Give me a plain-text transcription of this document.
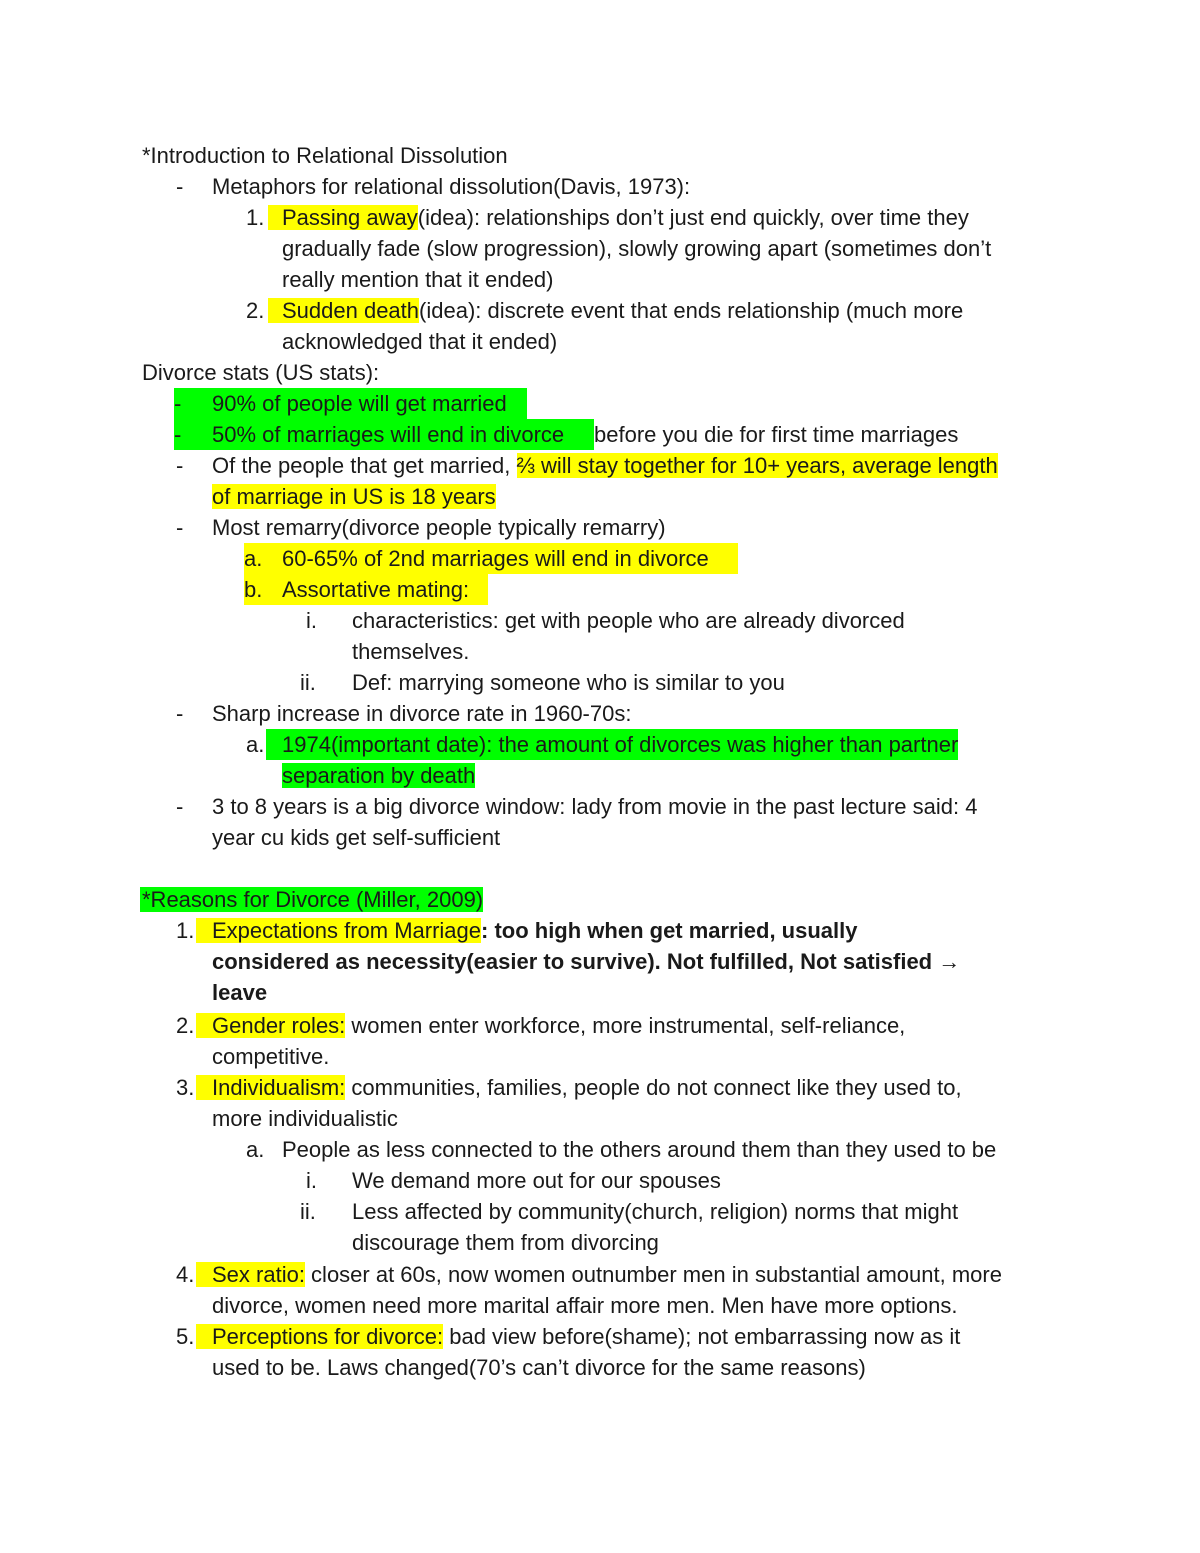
*Introduction to Relational Dissolution
- Metaphors for relational dissolution(Davis, 1973):
1. Passing away(idea): relationships don’t just end quickly, over time they
gradually fade (slow progression), slowly growing apart (sometimes don’t
really mention that it ended)
2. Sudden death(idea): discrete event that ends relationship (much more
acknowledged that it ended)
Divorce stats (US stats):
- 90% of people will get married
- 50% of marriages will end in divorce before you die for first time marriages
- Of the people that get married, ⅔ will stay together for 10+ years, average length
of marriage in US is 18 years
- Most remarry(divorce people typically remarry)
a. 60-65% of 2nd marriages will end in divorce
b. Assortative mating:
i. characteristics: get with people who are already divorced
themselves.
ii. Def: marrying someone who is similar to you
- Sharp increase in divorce rate in 1960-70s:
a. 1974(important date): the amount of divorces was higher than partner
separation by death
- 3 to 8 years is a big divorce window: lady from movie in the past lecture said: 4
year cu kids get self-sufficient
*Reasons for Divorce (Miller, 2009)
1. Expectations from Marriage: too high when get married, usually
considered as necessity(easier to survive). Not fulfilled, Not satisfied →
leave
2. Gender roles: women enter workforce, more instrumental, self-reliance,
competitive.
3. Individualism: communities, families, people do not connect like they used to,
more individualistic
a. People as less connected to the others around them than they used to be
i. We demand more out for our spouses
ii. Less affected by community(church, religion) norms that might
discourage them from divorcing
4. Sex ratio: closer at 60s, now women outnumber men in substantial amount, more
divorce, women need more marital affair more men. Men have more options.
5. Perceptions for divorce: bad view before(shame); not embarrassing now as it
used to be. Laws changed(70’s can’t divorce for the same reasons)
